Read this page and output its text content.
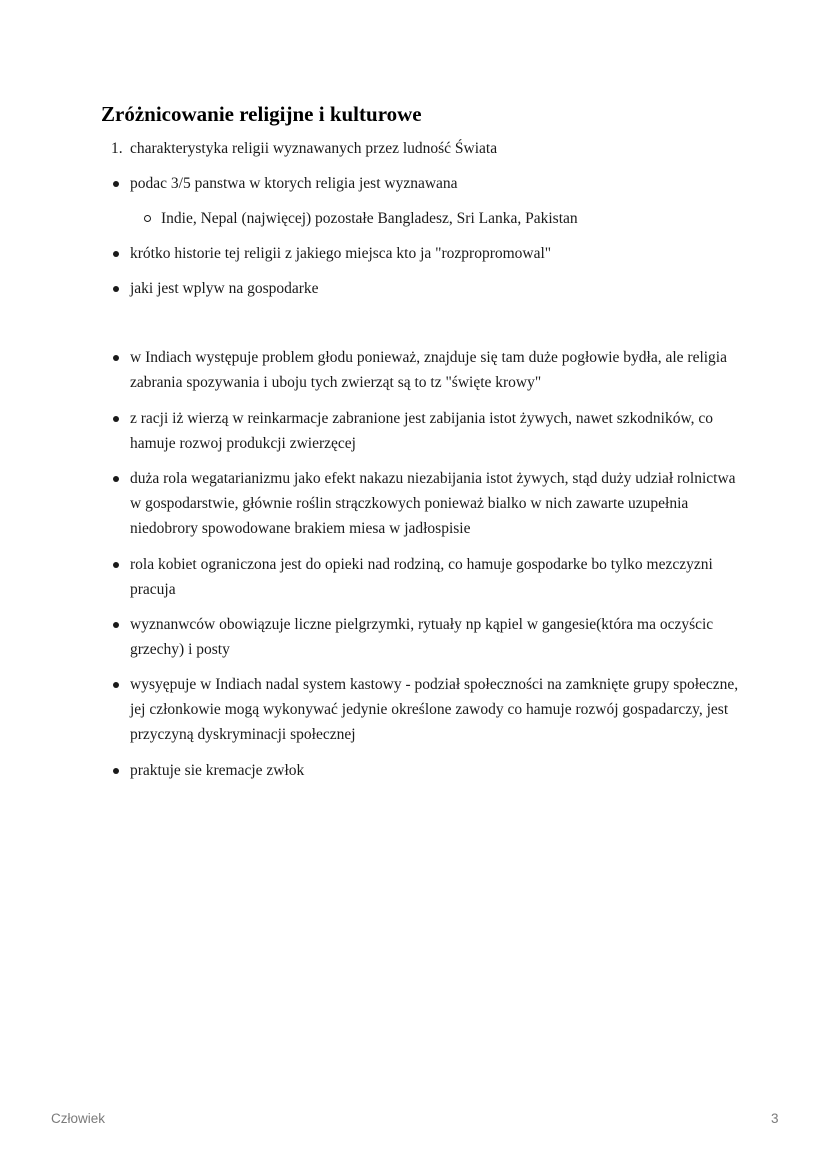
Zróżnicowanie religijne i kulturowe
1. charakterystyka religii wyznawanych przez ludność Świata
podac 3/5 panstwa w ktorych religia jest wyznawana
Indie, Nepal (najwięcej) pozostałe Bangladesz, Sri Lanka, Pakistan
krótko historie tej religii z jakiego miejsca kto ja "rozpropromowal"
jaki jest wplyw na gospodarke
w Indiach występuje problem głodu ponieważ, znajduje się tam duże pogłowie bydła, ale religia zabrania spozywania i uboju tych zwierząt są to tz "święte krowy"
z racji iż wierzą w reinkarmacje zabranione jest zabijania istot żywych, nawet szkodników, co hamuje rozwoj produkcji zwierzęcej
duża rola wegatarianizmu jako efekt nakazu niezabijania istot żywych, stąd duży udział rolnictwa w gospodarstwie, głównie roślin strączkowych ponieważ bialko w nich zawarte uzupełnia niedobrory spowodowane brakiem miesa w jadłospisie
rola kobiet ograniczona jest do opieki nad rodziną, co hamuje gospodarke bo tylko mezczyzni pracuja
wyznanwców obowiązuje liczne pielgrzymki, rytuały np kąpiel w gangesie(która ma oczyścic grzechy) i posty
wysyępuje w Indiach nadal system kastowy - podział społeczności na zamknięte grupy społeczne, jej członkowie mogą wykonywać jedynie określone zawody co hamuje rozwój gospadarczy, jest przyczyną dyskryminacji społecznej
praktuje sie kremacje zwłok
Człowiek	3
